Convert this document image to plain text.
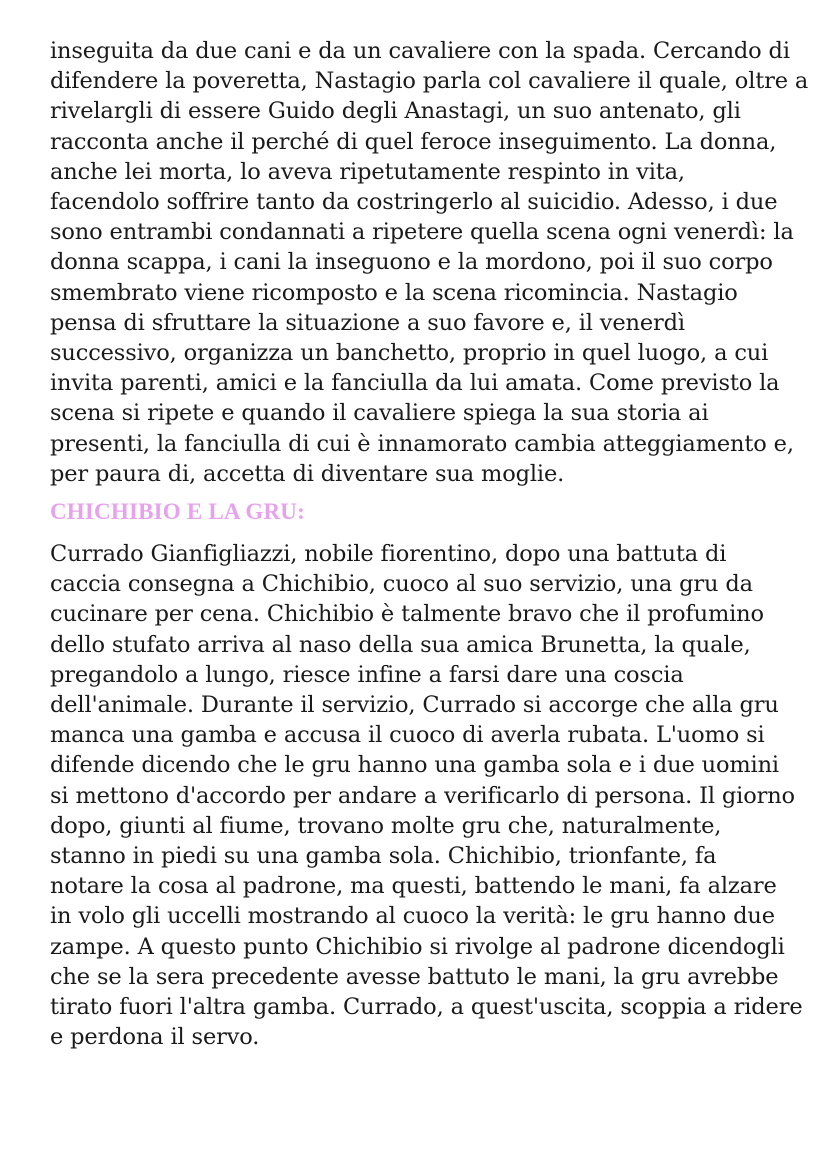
inseguita da due cani e da un cavaliere con la spada. Cercando di
difendere la poveretta, Nastagio parla col cavaliere il quale, oltre a
rivelargli di essere Guido degli Anastagi, un suo antenato, gli
racconta anche il perché di quel feroce inseguimento. La donna,
anche lei morta, lo aveva ripetutamente respinto in vita,
facendolo soffrire tanto da costringerlo al suicidio. Adesso, i due
sono entrambi condannati a ripetere quella scena ogni venerdì: la
donna scappa, i cani la inseguono e la mordono, poi il suo corpo
smembrato viene ricomposto e la scena ricomincia. Nastagio
pensa di sfruttare la situazione a suo favore e, il venerdì
successivo, organizza un banchetto, proprio in quel luogo, a cui
invita parenti, amici e la fanciulla da lui amata. Come previsto la
scena si ripete e quando il cavaliere spiega la sua storia ai
presenti, la fanciulla di cui è innamorato cambia atteggiamento e,
per paura di, accetta di diventare sua moglie.

CHICHIBIO E LA GRU:

Currado Gianfigliazzi, nobile fiorentino, dopo una battuta di
caccia consegna a Chichibio, cuoco al suo servizio, una gru da
cucinare per cena. Chichibio è talmente bravo che il profumino
dello stufato arriva al naso della sua amica Brunetta, la quale,
pregandolo a lungo, riesce infine a farsi dare una coscia
dell'animale. Durante il servizio, Currado si accorge che alla gru
manca una gamba e accusa il cuoco di averla rubata. L'uomo si
difende dicendo che le gru hanno una gamba sola e i due uomini
si mettono d'accordo per andare a verificarlo di persona. Il giorno
dopo, giunti al fiume, trovano molte gru che, naturalmente,
stanno in piedi su una gamba sola. Chichibio, trionfante, fa
notare la cosa al padrone, ma questi, battendo le mani, fa alzare
in volo gli uccelli mostrando al cuoco la verità: le gru hanno due
zampe. A questo punto Chichibio si rivolge al padrone dicendogli
che se la sera precedente avesse battuto le mani, la gru avrebbe
tirato fuori l'altra gamba. Currado, a quest'uscita, scoppia a ridere
e perdona il servo.
